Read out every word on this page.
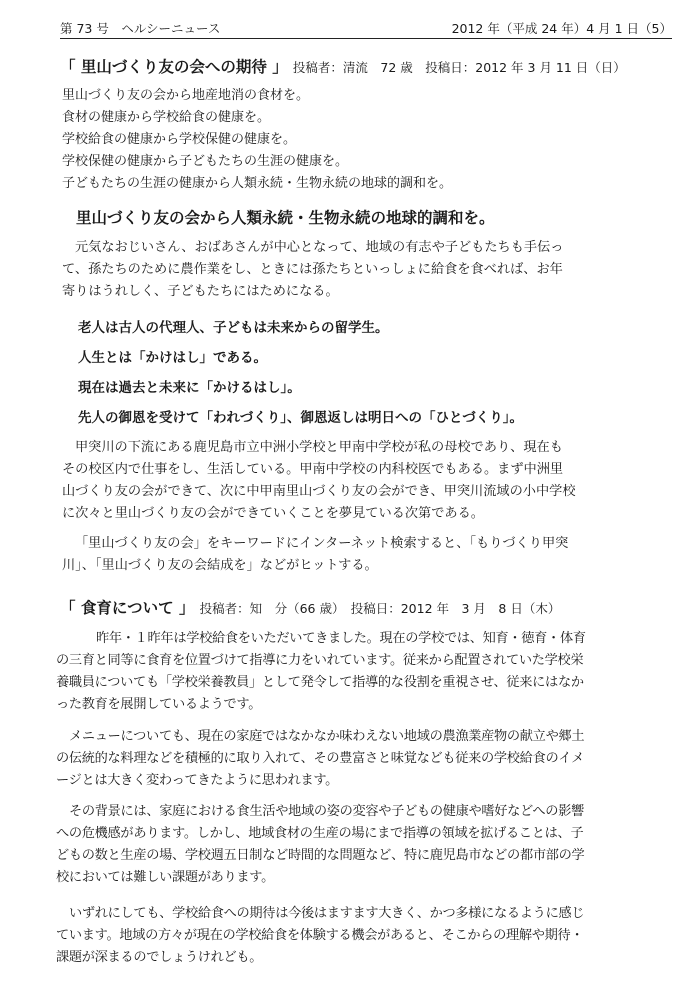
第 73 号　ヘルシーニュース	2012 年（平成 24 年）4 月 1 日（5）
「 里山づくり友の会への期待 」 投稿者：清流　72 歳　投稿日：2012 年 3 月 11 日（日）
里山づくり友の会から地産地消の食材を。
食材の健康から学校給食の健康を。
学校給食の健康から学校保健の健康を。
学校保健の健康から子どもたちの生涯の健康を。
子どもたちの生涯の健康から人類永続・生物永続の地球的調和を。
里山づくり友の会から人類永続・生物永続の地球的調和を。
元気なおじいさん、おばあさんが中心となって、地域の有志や子どもたちも手伝っ
て、孫たちのために農作業をし、ときには孫たちといっしょに給食を食べれば、お年
寄りはうれしく、子どもたちにはためになる。
老人は古人の代理人、子どもは未来からの留学生。
人生とは「かけはし」である。
現在は過去と未来に「かけるはし」。
先人の御恩を受けて「われづくり」、御恩返しは明日への「ひとづくり」。
甲突川の下流にある鹿児島市立中洲小学校と甲南中学校が私の母校であり、現在も
その校区内で仕事をし、生活している。甲南中学校の内科校医でもある。まず中洲里
山づくり友の会ができて、次に中甲南里山づくり友の会ができ、甲突川流域の小中学校
に次々と里山づくり友の会ができていくことを夢見ている次第である。
「里山づくり友の会」をキーワードにインターネット検索すると、「もりづくり甲突
川」、「里山づくり友の会結成を」などがヒットする。
「 食育について 」 投稿者：知　分（66 歳）　投稿日：2012 年　3 月　8 日（木）
昨年・１昨年は学校給食をいただいてきました。現在の学校では、知育・徳育・体育
の三育と同等に食育を位置づけて指導に力をいれています。従来から配置されていた学校栄
養職員についても「学校栄養教員」として発令して指導的な役割を重視させ、従来にはなか
った教育を展開しているようです。
メニューについても、現在の家庭ではなかなか味わえない地域の農漁業産物の献立や郷土
の伝統的な料理などを積極的に取り入れて、その豊富さと味覚なども従来の学校給食のイメ
ージとは大きく変わってきたように思われます。
その背景には、家庭における食生活や地域の姿の変容や子どもの健康や嗜好などへの影響
への危機感があります。しかし、地域食材の生産の場にまで指導の領域を拡げることは、子
どもの数と生産の場、学校週五日制など時間的な問題など、特に鹿児島市などの都市部の学
校においては難しい課題があります。
いずれにしても、学校給食への期待は今後はますます大きく、かつ多様になるように感じ
ています。地域の方々が現在の学校給食を体験する機会があると、そこからの理解や期待・
課題が深まるのでしょうけれども。
